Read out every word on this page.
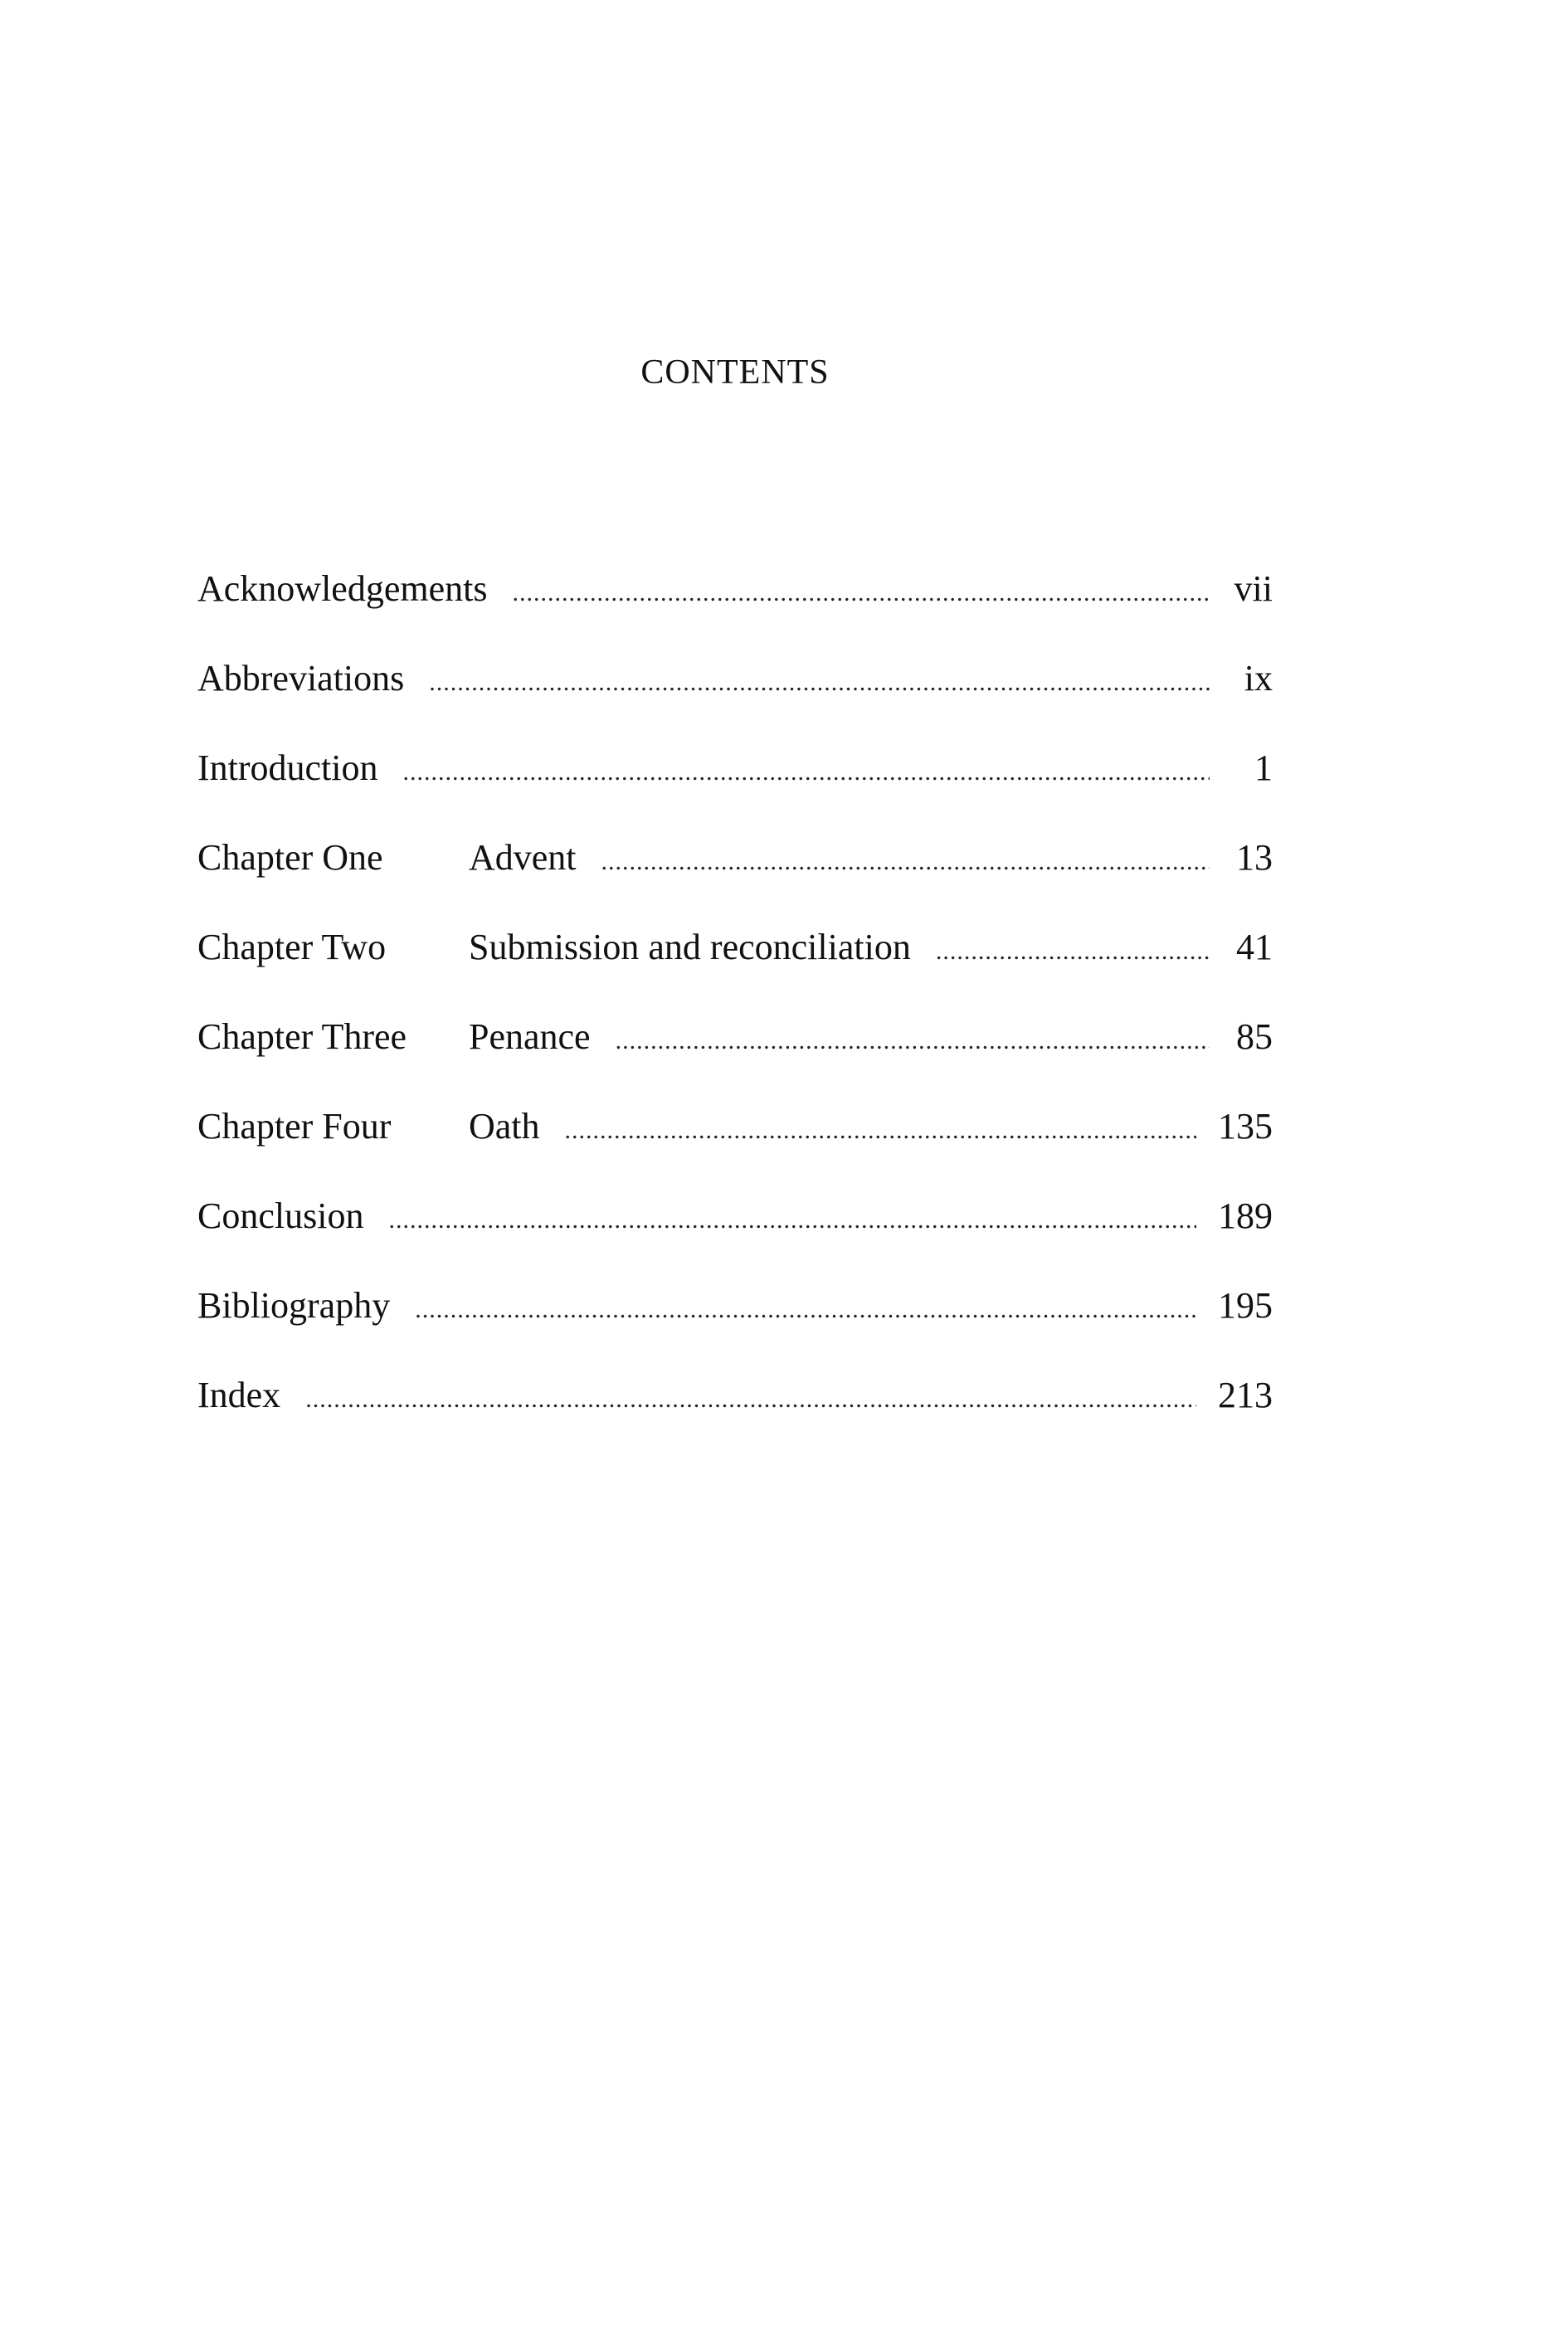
CONTENTS
Acknowledgements .....	vii
Abbreviations .....	ix
Introduction .....	1
Chapter One	Advent .....	13
Chapter Two	Submission and reconciliation .....	41
Chapter Three	Penance .....	85
Chapter Four	Oath .....	135
Conclusion .....	189
Bibliography .....	195
Index .....	213
